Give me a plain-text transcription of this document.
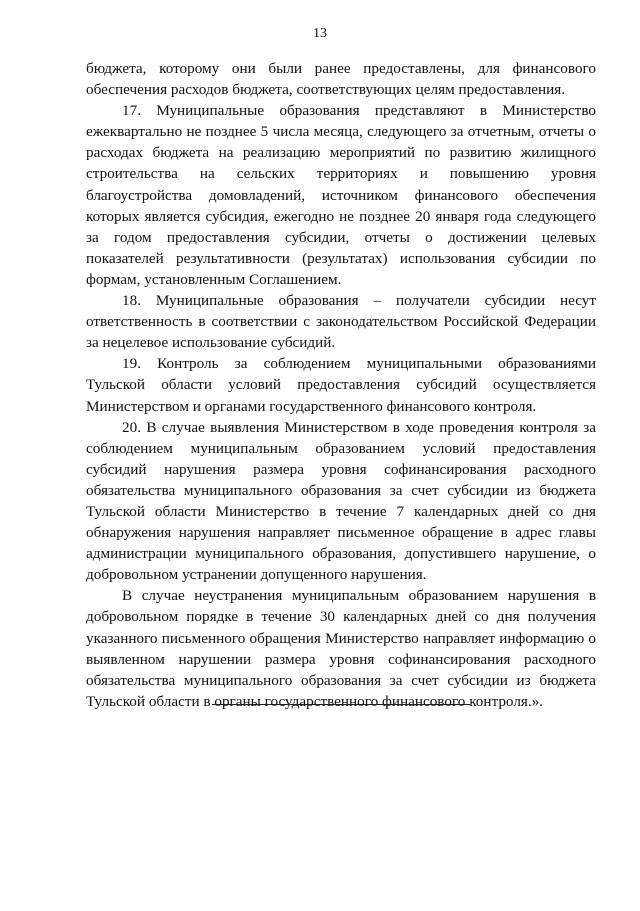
13

бюджета, которому они были ранее предоставлены, для финансового обеспечения расходов бюджета, соответствующих целям предоставления.

17. Муниципальные образования представляют в Министерство ежеквартально не позднее 5 числа месяца, следующего за отчетным, отчеты о расходах бюджета на реализацию мероприятий по развитию жилищного строительства на сельских территориях и повышению уровня благоустройства домовладений, источником финансового обеспечения которых является субсидия, ежегодно не позднее 20 января года следующего за годом предоставления субсидии, отчеты о достижении целевых показателей результативности (результатах) использования субсидии по формам, установленным Соглашением.

18. Муниципальные образования – получатели субсидии несут ответственность в соответствии с законодательством Российской Федерации за нецелевое использование субсидий.

19. Контроль за соблюдением муниципальными образованиями Тульской области условий предоставления субсидий осуществляется Министерством и органами государственного финансового контроля.

20. В случае выявления Министерством в ходе проведения контроля за соблюдением муниципальным образованием условий предоставления субсидий нарушения размера уровня софинансирования расходного обязательства муниципального образования за счет субсидии из бюджета Тульской области Министерство в течение 7 календарных дней со дня обнаружения нарушения направляет письменное обращение в адрес главы администрации муниципального образования, допустившего нарушение, о добровольном устранении допущенного нарушения.

В случае неустранения муниципальным образованием нарушения в добровольном порядке в течение 30 календарных дней со дня получения указанного письменного обращения Министерство направляет информацию о выявленном нарушении размера уровня софинансирования расходного обязательства муниципального образования за счет субсидии из бюджета Тульской области в органы государственного финансового контроля.».
